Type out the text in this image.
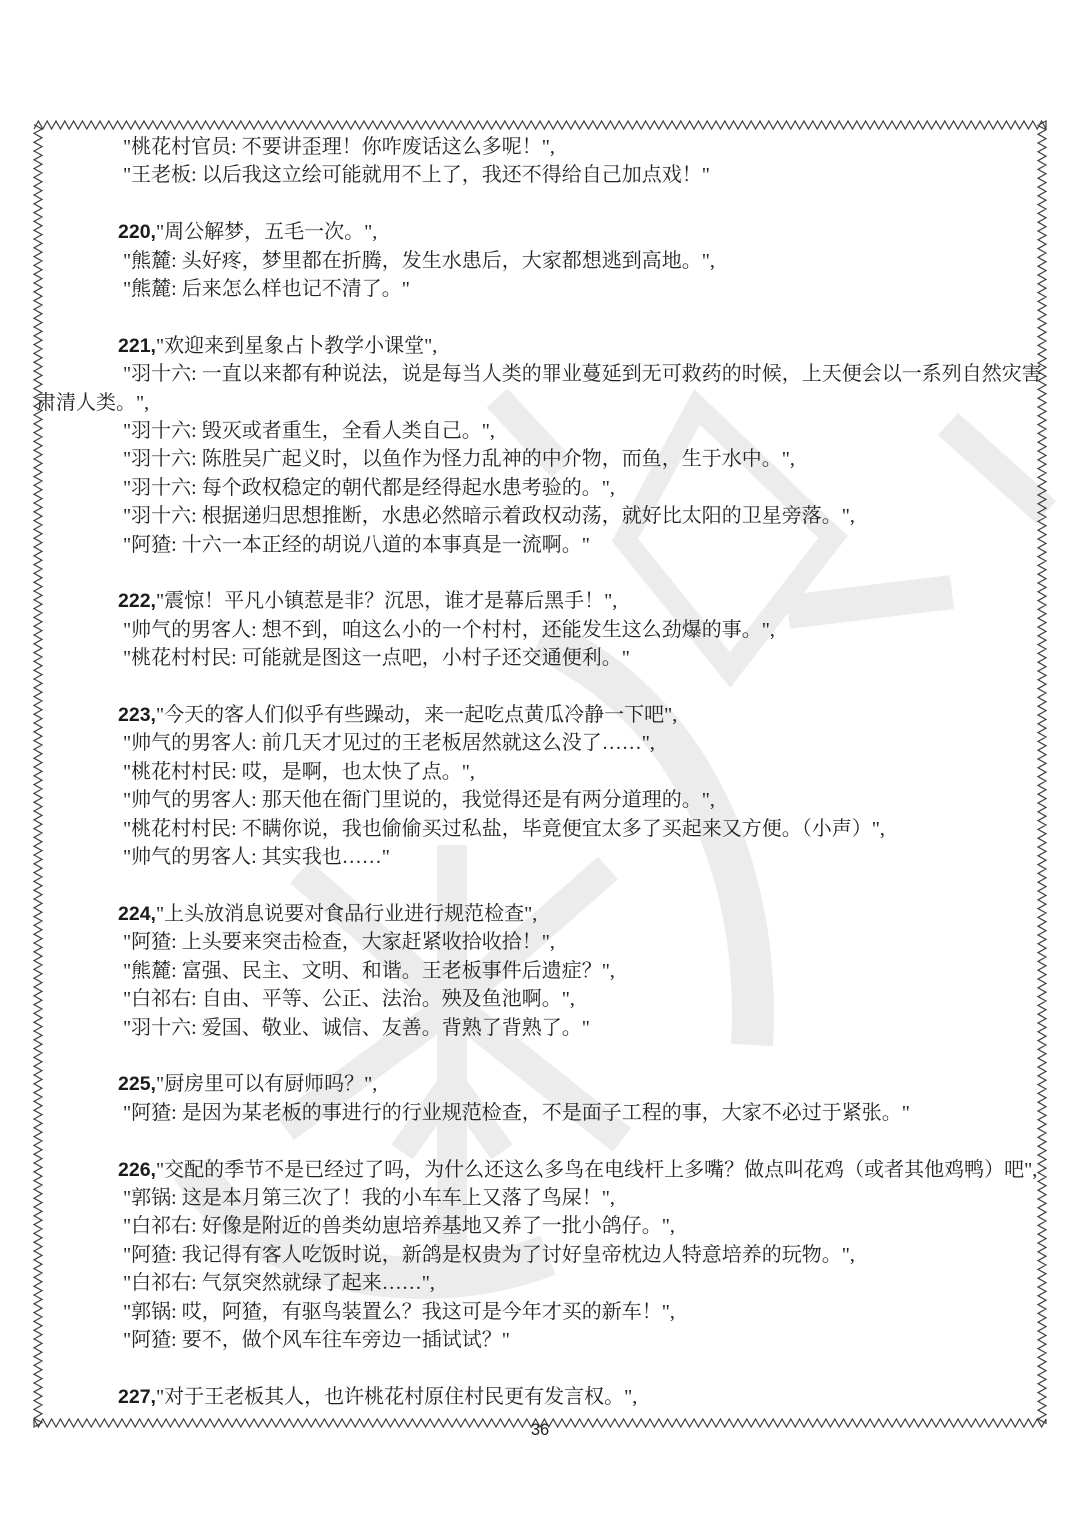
"桃花村官员: 不要讲歪理！你咋废话这么多呢！",

"王老板: 以后我这立绘可能就用不上了，我还不得给自己加点戏！"

220,"周公解梦，五毛一次。",

"熊麓: 头好疼，梦里都在折腾，发生水患后，大家都想逃到高地。",

"熊麓: 后来怎么样也记不清了。"

221,"欢迎来到星象占卜教学小课堂",

"羽十六: 一直以来都有种说法，说是每当人类的罪业蔓延到无可救药的时候，上天便会以一系列自然灾害肃清人类。",

"羽十六: 毁灭或者重生，全看人类自己。",

"羽十六: 陈胜吴广起义时，以鱼作为怪力乱神的中介物，而鱼，生于水中。",

"羽十六: 每个政权稳定的朝代都是经得起水患考验的。",

"羽十六: 根据递归思想推断，水患必然暗示着政权动荡，就好比太阳的卫星旁落。",

"阿猹: 十六一本正经的胡说八道的本事真是一流啊。"

222,"震惊！平凡小镇惹是非？沉思，谁才是幕后黑手！",

"帅气的男客人: 想不到，咱这么小的一个村村，还能发生这么劲爆的事。",

"桃花村村民: 可能就是图这一点吧，小村子还交通便利。"

223,"今天的客人们似乎有些躁动，来一起吃点黄瓜冷静一下吧",

"帅气的男客人: 前几天才见过的王老板居然就这么没了……",

"桃花村村民: 哎，是啊，也太快了点。",

"帅气的男客人: 那天他在衙门里说的，我觉得还是有两分道理的。",

"桃花村村民: 不瞒你说，我也偷偷买过私盐，毕竟便宜太多了买起来又方便。（小声）",

"帅气的男客人: 其实我也……"

224,"上头放消息说要对食品行业进行规范检查",

"阿猹: 上头要来突击检查，大家赶紧收拾收拾！",

"熊麓: 富强、民主、文明、和谐。王老板事件后遗症？",

"白祁右: 自由、平等、公正、法治。殃及鱼池啊。",

"羽十六: 爱国、敬业、诚信、友善。背熟了背熟了。"

225,"厨房里可以有厨师吗？",

"阿猹: 是因为某老板的事进行的行业规范检查，不是面子工程的事，大家不必过于紧张。"

226,"交配的季节不是已经过了吗，为什么还这么多鸟在电线杆上多嘴？做点叫花鸡（或者其他鸡鸭）吧",

"郭锅: 这是本月第三次了！我的小车车上又落了鸟屎！",

"白祁右: 好像是附近的兽类幼崽培养基地又养了一批小鸽仔。",

"阿猹: 我记得有客人吃饭时说，新鸽是权贵为了讨好皇帝枕边人特意培养的玩物。",

"白祁右: 气氛突然就绿了起来……",

"郭锅: 哎，阿猹，有驱鸟装置么？我这可是今年才买的新车！",

"阿猹: 要不，做个风车往车旁边一插试试？"

227,"对于王老板其人，也许桃花村原住村民更有发言权。",

36
